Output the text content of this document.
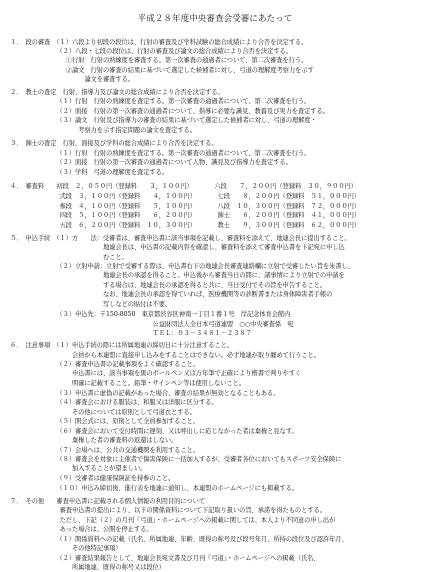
平成２８年度中央審査会受審にあたって
１．　段の審査　（１）六段より初段の段位は、行射の審査及び学科試験の総合成績により合否を決定する。
　　　　　　　　（２）八段・七段の段位は、行射の審査及び論文の総合成績により合否を決定する。
　　　　　　　　　①行射　行射の熟練度を審査する。第一次審査の通過者について、第二次審査を行う。
　　　　　　　　　②論文　行射の審査の結果に基づいて選定した候補者に対し、弓道の理解度考察力を示す
　　　　　　　　　　　　論文を審査する。
２．　教士の査定　行射、指導力及び論文の総合成績により合否を決定する。
　　　　　　　　（１）行射　行射の熟練度を査定する。第一次審査の通過者について、第二次審査を行う。
　　　　　　　　（２）面接　行射の第一次審査の通過者について、指導に必要な識見、教養及び実力を査定する。
　　　　　　　　（３）論文　行射及び指導力の審査の結果に基づいて選定した候補者に対し、弓道の理解度・
　　　　　　　　　　　考察力を示す指定問題の論文を査定する。
３．　錬士の査定　行射、面接及び学科の総合成績により合否を決定する。
　　　　　　　　（１）行射　行射の熟練度を査定する。第一次審査の通過者について、第二次審査を行う。
　　　　　　　　（２）面接　行射の第一次審査の通過者について人物、識見及び指導力を査定する。
　　　　　　　　（３）学科　弓道の理解度を査定する。
４．　審査料　　初段　２，０５０円（登録料　　３，１００円）　　　　六段　　７，２００円（登録料　３０，９００円）
　　　　　　　　弐段　３，１００円（登録料　　４，１００円）　　　　七段　　８，２００円（登録料　５１，０００円）
　　　　　　　　参段　４，１００円（登録料　　５，１００円）　　　　八段　１０，３００円（登録料　７２，０００円）
　　　　　　　　四段　５，１００円（登録料　　６，２００円）　　　　錬士　　６，２００円（登録料　４１，０００円）
　　　　　　　　五段　６，２００円（登録料　１０，３００円）　　　　教士　　９，３００円（登録料　６２，０００円）
５．　申込手続　（１）方　　法：受審者は、審査申込書に該当事項を記載し、審査料を添えて、地連会長に提出すること。
　　　　　　　　　　　　　　　地連会長は、申込書の記載内容を確認し、審査料を添えて審査申込書を下記宛に申し込
　　　　　　　　　　　　　　　むこと。
　　　　　　　　（２）立射申請：立射で受審する際は、申込書右下の地連会長審査連絡欄に立射で受審したい旨を朱書し、
　　　　　　　　　　　　　　　地連会長の承認を得ること。申込後から審査当日の間に、諸事情により立射での申請を
　　　　　　　　　　　　　　　する場合は、地連会長の承認を得ると共に、当日受付でその旨を申告すること。
　　　　　　　　　　　　　　　なお、地連会長の承認を得ていれば、医療機関等の診断書または身体障害者手帳の
　　　　　　　　　　　　　　　写しなどの貼付は不要。
　　　　　　　　（３）申込先：〒150-8050　東京都渋谷区神南一丁目１番１号　岸記念体育会館内
　　　　　　　　　　　　　　　　　　　　　　　公益財団法人全日本弓道連盟　○○中央審査係　宛
　　　　　　　　　　　　　　　　　　　　　　　ＴＥＬ：０３－３４８１－２３８７
６．　注意事項　（１）申込手続の際には所属地連の締切日に十分注意すること。
　　　　　　　　　　会員から本連盟に直接申し込みをすることはできない。必ず地連が取り纏めて行うこと。
　　　　　　　　（２）審査申込書の記載事項をよく確認すること。
　　　　　　　　　　申込書には、該当事項を黒のボールペン又は万年筆で正確により楷書で判りやすく
　　　　　　　　　　明確に記載すること。鉛筆・サインペン等は使用しないこと。
　　　　　　　　（３）申込書に虚偽の記載があった場合、審査の結果が無効となることもある。
　　　　　　　　（４）審査会における服装は、和服又は洋服に区分する。
　　　　　　　　　　その他については原則として弓道衣とする。
　　　　　　　　（５）開会式には、原則として全員参加すること。
　　　　　　　　（６）審査会において受付時間に遅刻、又は呼出しに応じなかった者は棄権と見なす。
　　　　　　　　　　棄権した者の審査料の返還はしない。
　　　　　　　　（７）会場へは、公共の交通機関を利用すること。
　　　　　　　　（８）審査会を対象に主催者で傷害保険に一括加入するが、受審者各位においてもスポーツ安全保険に
　　　　　　　　　　加入することが望ましい。
　　　　　　　　（９）受審者は健康保険証を持参のこと。
　　　　　　　　（１０）申込み締切後、進行表を地連に通知し、本連盟のホームページにも掲載する。
７．　その他　　審査申込書に記載される個人情報の利用目的について
　　　　　　　　審査申込書の提出により、以下の関係資料について下記取り扱いの旨、承諾を得たものとする。
　　　　　　　　ただし、下記（２）の月刊『弓道』・ホームページへの掲載に関しては、本人より不同意の申し出が
　　　　　　　　あった場合は、公開を停止する。
　　　　　　　　（１）関係資料への記載（氏名、所属地連、年齢、既得の称号及び段号年月、所持の段位及び認許年月、
　　　　　　　　　　その他特記事項）
　　　　　　　　（２）審査結果報告として、地連会長宛文書及び月刊『弓道』・ホームページへの掲載（氏名、
　　　　　　　　　　所属地連、既得の称号又は段位）
